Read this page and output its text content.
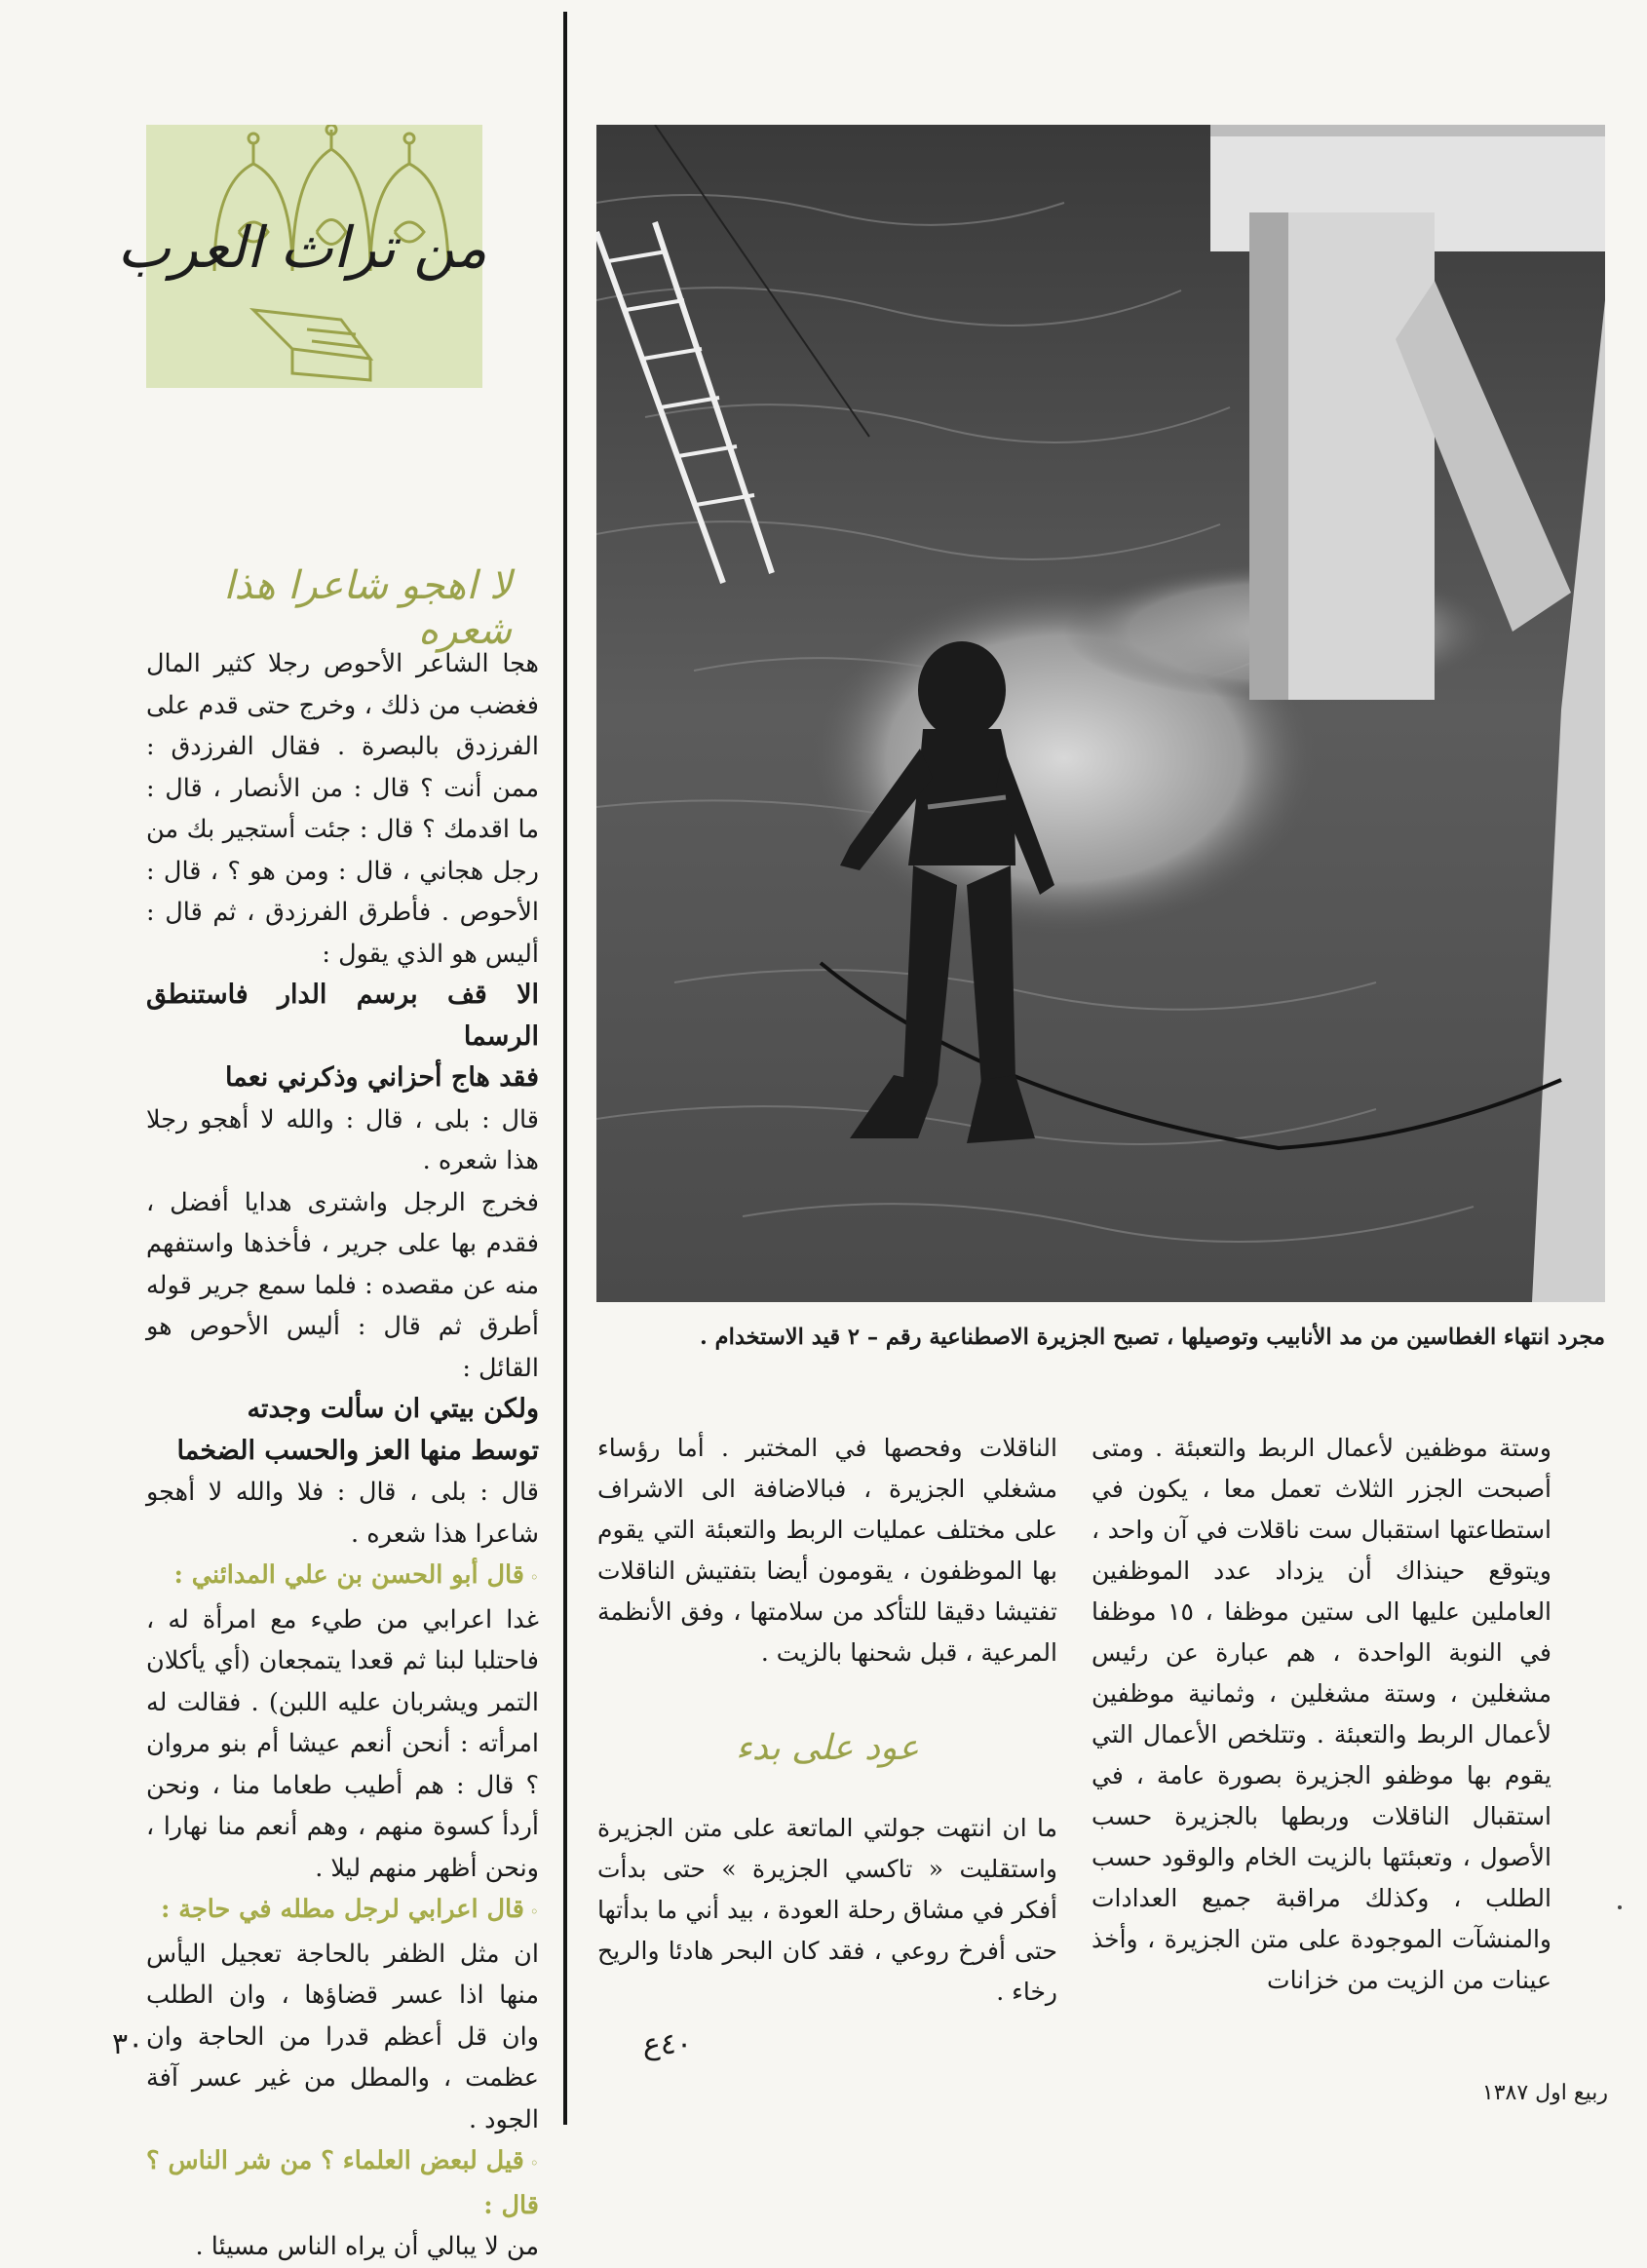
من تراث العرب
لا اهجو شاعرا هذا شعره

هجا الشاعر الأحوص رجلا كثير المال فغضب من ذلك ، وخرج حتى قدم على الفرزدق بالبصرة . فقال الفرزدق : ممن أنت ؟ قال : من الأنصار ، قال : ما اقدمك ؟ قال : جئت أستجير بك من رجل هجاني ، قال : ومن هو ؟ ، قال : الأحوص . فأطرق الفرزدق ، ثم قال : أليس هو الذي يقول :

الا قف برسم الدار فاستنطق الرسما

فقد هاج أحزاني وذكرني نعما

قال : بلى ، قال : والله لا أهجو رجلا هذا شعره .

فخرج الرجل واشترى هدايا أفضل ، فقدم بها على جرير ، فأخذها واستفهم منه عن مقصده : فلما سمع جرير قوله أطرق ثم قال : أليس الأحوص هو القائل :

ولكن بيتي ان سألت وجدته

توسط منها العز والحسب الضخما

قال : بلى ، قال : فلا والله لا أهجو شاعرا هذا شعره .

◦ قال أبو الحسن بن علي المدائني :

غدا اعرابي من طيء مع امرأة له ، فاحتلبا لبنا ثم قعدا يتمجعان (أي يأكلان التمر ويشربان عليه اللبن) . فقالت له امرأته : أنحن أنعم عيشا أم بنو مروان ؟ قال : هم أطيب طعاما منا ، ونحن أردأ كسوة منهم ، وهم أنعم منا نهارا ، ونحن أظهر منهم ليلا .

◦ قال اعرابي لرجل مطله في حاجة :

ان مثل الظفر بالحاجة تعجيل اليأس منها اذا عسر قضاؤها ، وان الطلب وان قل أعظم قدرا من الحاجة وان عظمت ، والمطل من غير عسر آفة الجود .

◦ قيل لبعض العلماء ؟ من شر الناس ؟ قال :

من لا يبالي أن يراه الناس مسيئا .

٣٠
مجرد انتهاء الغطاسين من مد الأنابيب وتوصيلها ، تصبح الجزيرة الاصطناعية رقم – ٢ قيد الاستخدام .

وستة موظفين لأعمال الربط والتعبئة . ومتى أصبحت الجزر الثلاث تعمل معا ، يكون في استطاعتها استقبال ست ناقلات في آن واحد ، ويتوقع حينذاك أن يزداد عدد الموظفين العاملين عليها الى ستين موظفا ، ١٥ موظفا في النوبة الواحدة ، هم عبارة عن رئيس مشغلين ، وستة مشغلين ، وثمانية موظفين لأعمال الربط والتعبئة . وتتلخص الأعمال التي يقوم بها موظفو الجزيرة بصورة عامة ، في استقبال الناقلات وربطها بالجزيرة حسب الأصول ، وتعبئتها بالزيت الخام والوقود حسب الطلب ، وكذلك مراقبة جميع العدادات والمنشآت الموجودة على متن الجزيرة ، وأخذ عينات من الزيت من خزانات

الناقلات وفحصها في المختبر . أما رؤساء مشغلي الجزيرة ، فبالاضافة الى الاشراف على مختلف عمليات الربط والتعبئة التي يقوم بها الموظفون ، يقومون أيضا بتفتيش الناقلات تفتيشا دقيقا للتأكد من سلامتها ، وفق الأنظمة المرعية ، قبل شحنها بالزيت .

عود على بدء

ما ان انتهت جولتي الماتعة على متن الجزيرة واستقليت « تاكسي الجزيرة » حتى بدأت أفكر في مشاق رحلة العودة ، بيد أني ما بدأتها حتى أفرخ روعي ، فقد كان البحر هادئا والريح رخاء .

٤٠ع
ربيع اول ١٣٨٧
